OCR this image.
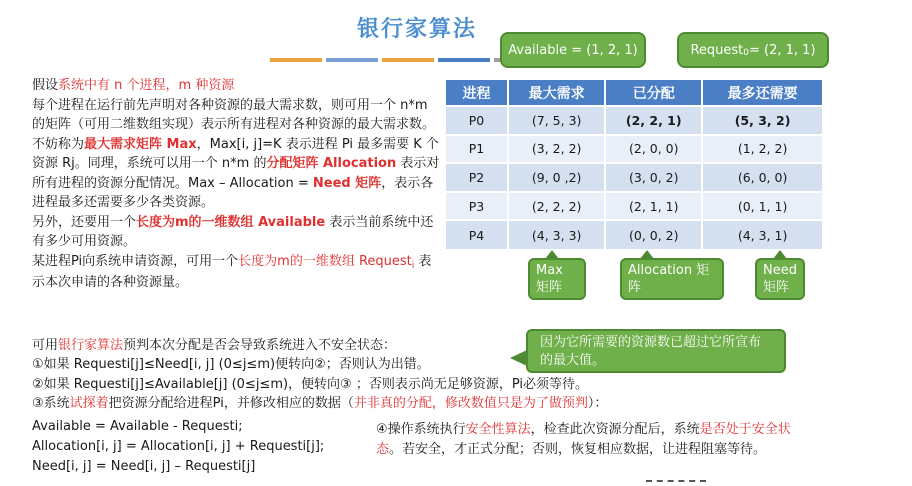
银行家算法
Available = (1, 2, 1)	Request 0 = (2, 1, 1)
假设系统中有 n 个进程，m 种资源
每个进程在运行前先声明对各种资源的最大需求数，则可用一个 n*m 的矩阵（可用二维数组实现）表示所有进程对各种资源的最大需求数。不妨称为最大需求矩阵 Max，Max[i, j]=K 表示进程 Pi 最多需要 K 个资源 Rj。同理，系统可以用一个 n*m 的分配矩阵 Allocation 表示对所有进程的资源分配情况。Max – Allocation = Need 矩阵，表示各进程最多还需要多少各类资源。
另外，还要用一个长度为m的一维数组 Available 表示当前系统中还有多少可用资源。
某进程Pi向系统申请资源，可用一个长度为m的一维数组 Request$_i$ 表示本次申请的各种资源量。
进程	最大需求	已分配	最多还需要
P0	(7, 5, 3)	(2, 2, 1)	(5, 3, 2)
P1	(3, 2, 2)	(2, 0, 0)	(1, 2, 2)
P2	(9, 0 ,2)	(3, 0, 2)	(6, 0, 0)
P3	(2, 2, 2)	(2, 1, 1)	(0, 1, 1)
P4	(4, 3, 3)	(0, 0, 2)	(4, 3, 1)
Max 矩阵
Allocation 矩阵
Need 矩阵
因为它所需要的资源数已超过它所宣布的最大值。
可用银行家算法预判本次分配是否会导致系统进入不安全状态：
①如果 Requesti[j]≤Need[i, j] (0≤j≤m)便转向②；否则认为出错。
②如果 Requesti[j]≤Available[j] (0≤j≤m)，便转向③ ；否则表示尚无足够资源，Pi必须等待。
③系统试探着把资源分配给进程Pi，并修改相应的数据（并非真的分配，修改数值只是为了做预判）：
Available = Available - Requesti;
Allocation[i, j] = Allocation[i, j] + Requesti[j];
Need[i, j] = Need[i, j] – Requesti[j]
④操作系统执行安全性算法，检查此次资源分配后，系统是否处于安全状态。若安全，才正式分配；否则，恢复相应数据，让进程阻塞等待。
